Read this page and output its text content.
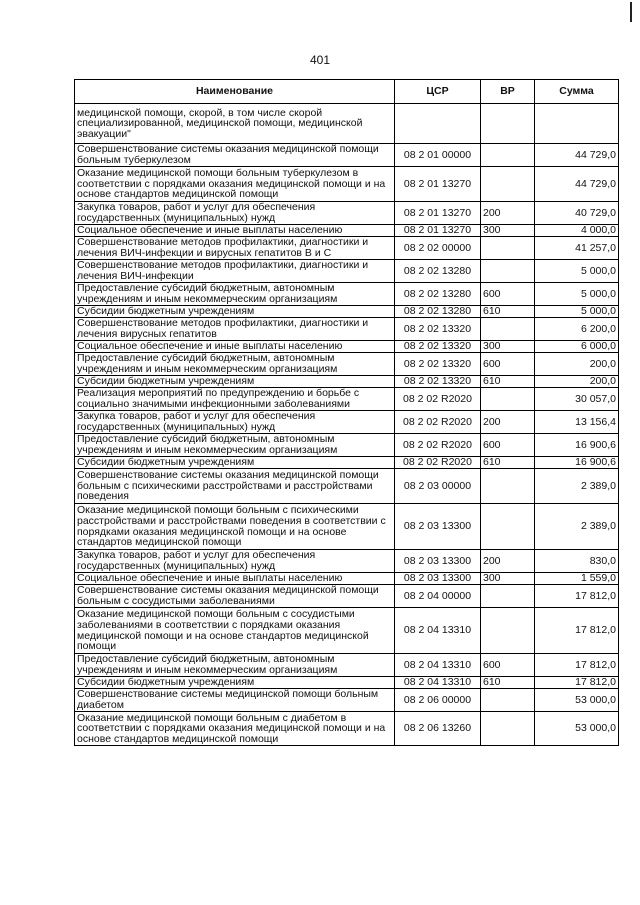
401
Наименование	ЦСР	ВР	Сумма
медицинской помощи, скорой, в том числе скорой специализированной, медицинской помощи, медицинской эвакуации"			
Совершенствование системы оказания медицинской помощи больным туберкулезом	08 2 01 00000		44 729,0
Оказание медицинской помощи больным туберкулезом в соответствии с порядками оказания медицинской помощи и на основе стандартов медицинской помощи	08 2 01 13270		44 729,0
Закупка товаров, работ и услуг для обеспечения государственных (муниципальных) нужд	08 2 01 13270	200	40 729,0
Социальное обеспечение и иные выплаты населению	08 2 01 13270	300	4 000,0
Совершенствование методов профилактики, диагностики и лечения ВИЧ-инфекции и вирусных гепатитов В и С	08 2 02 00000		41 257,0
Совершенствование методов профилактики, диагностики и лечения ВИЧ-инфекции	08 2 02 13280		5 000,0
Предоставление субсидий бюджетным, автономным учреждениям и иным некоммерческим организациям	08 2 02 13280	600	5 000,0
Субсидии бюджетным учреждениям	08 2 02 13280	610	5 000,0
Совершенствование методов профилактики, диагностики и лечения вирусных гепатитов	08 2 02 13320		6 200,0
Социальное обеспечение и иные выплаты населению	08 2 02 13320	300	6 000,0
Предоставление субсидий бюджетным, автономным учреждениям и иным некоммерческим организациям	08 2 02 13320	600	200,0
Субсидии бюджетным учреждениям	08 2 02 13320	610	200,0
Реализация мероприятий по предупреждению и борьбе с социально значимыми инфекционными заболеваниями	08 2 02 R2020		30 057,0
Закупка товаров, работ и услуг для обеспечения государственных (муниципальных) нужд	08 2 02 R2020	200	13 156,4
Предоставление субсидий бюджетным, автономным учреждениям и иным некоммерческим организациям	08 2 02 R2020	600	16 900,6
Субсидии бюджетным учреждениям	08 2 02 R2020	610	16 900,6
Совершенствование системы оказания медицинской помощи больным с психическими расстройствами и расстройствами поведения	08 2 03 00000		2 389,0
Оказание медицинской помощи больным с психическими расстройствами и расстройствами поведения в соответствии с порядками оказания медицинской помощи и на основе стандартов медицинской помощи	08 2 03 13300		2 389,0
Закупка товаров, работ и услуг для обеспечения государственных (муниципальных) нужд	08 2 03 13300	200	830,0
Социальное обеспечение и иные выплаты населению	08 2 03 13300	300	1 559,0
Совершенствование системы оказания медицинской помощи больным с сосудистыми заболеваниями	08 2 04 00000		17 812,0
Оказание медицинской помощи больным с сосудистыми заболеваниями в соответствии с порядками оказания медицинской помощи и на основе стандартов медицинской помощи	08 2 04 13310		17 812,0
Предоставление субсидий бюджетным, автономным учреждениям и иным некоммерческим организациям	08 2 04 13310	600	17 812,0
Субсидии бюджетным учреждениям	08 2 04 13310	610	17 812,0
Совершенствование системы медицинской помощи больным диабетом	08 2 06 00000		53 000,0
Оказание медицинской помощи больным с диабетом в соответствии с порядками оказания медицинской помощи и на основе стандартов медицинской помощи	08 2 06 13260		53 000,0
